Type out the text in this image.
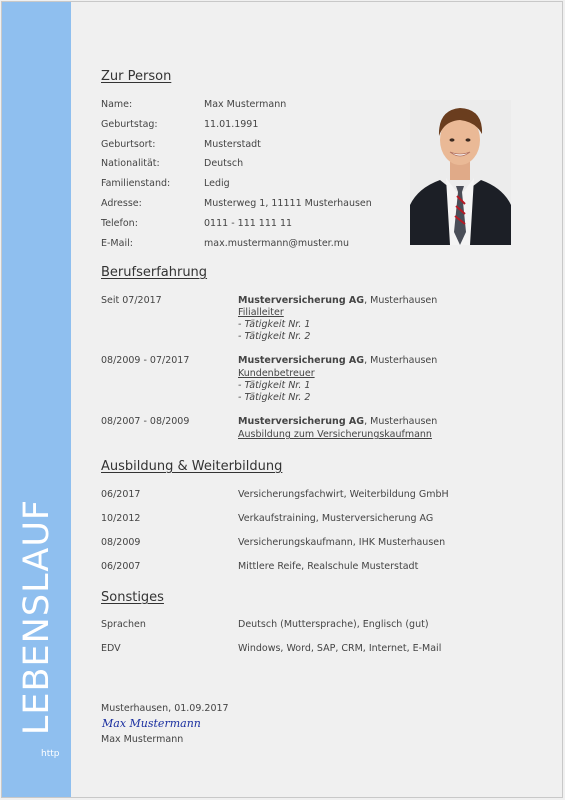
LEBENSLAUF
http
Zur Person
Name:	Max Mustermann
Geburtstag:	11.01.1991
Geburtsort:	Musterstadt
Nationalität:	Deutsch
Familienstand:	Ledig
Adresse:	Musterweg 1, 11111 Musterhausen
Telefon:	0111 - 111 111 11
E-Mail:	max.mustermann@muster.mu
Berufserfahrung
Seit 07/2017	Musterversicherung AG, Musterhausen
Filialleiter
- Tätigkeit Nr. 1
- Tätigkeit Nr. 2
08/2009 - 07/2017	Musterversicherung AG, Musterhausen
Kundenbetreuer
- Tätigkeit Nr. 1
- Tätigkeit Nr. 2
08/2007 - 08/2009	Musterversicherung AG, Musterhausen
Ausbildung zum Versicherungskaufmann
Ausbildung & Weiterbildung
06/2017	Versicherungsfachwirt, Weiterbildung GmbH
10/2012	Verkaufstraining, Musterversicherung AG
08/2009	Versicherungskaufmann, IHK Musterhausen
06/2007	Mittlere Reife, Realschule Musterstadt
Sonstiges
Sprachen	Deutsch (Muttersprache), Englisch (gut)
EDV	Windows, Word, SAP, CRM, Internet, E-Mail
Musterhausen, 01.09.2017
Max Mustermann
Max Mustermann
